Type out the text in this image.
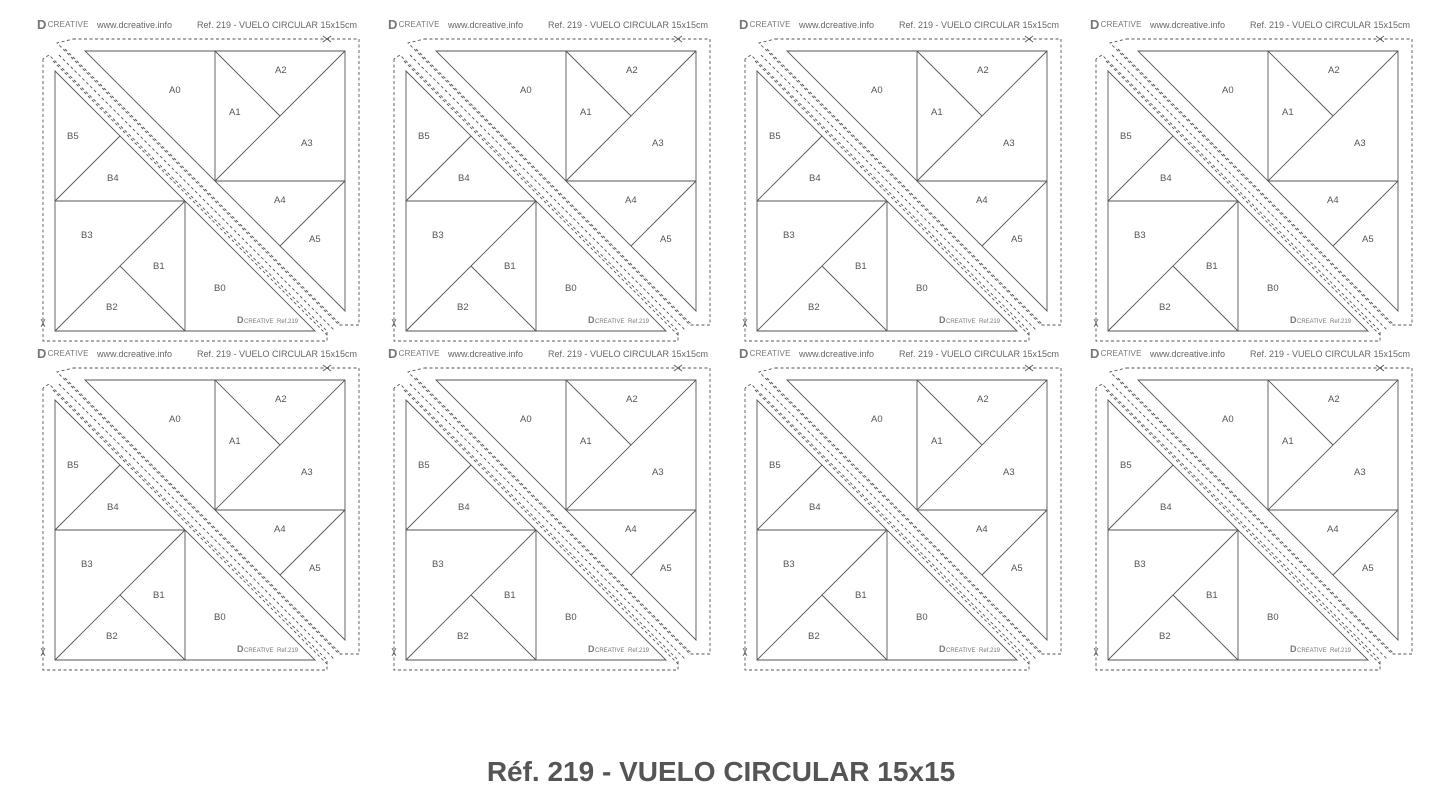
D CREATIVE www.dcreative.info	Ref. 219 - VUELO CIRCULAR 15x15cm
A0
A1
A2
A3
A4
A5
B5
B4
B3
B1
B2
B0
D CREATIVE Ref.219
D CREATIVE www.dcreative.info	Ref. 219 - VUELO CIRCULAR 15x15cm
A0
A1
A2
A3
A4
A5
B5
B4
B3
B1
B2
B0
D CREATIVE Ref.219
D CREATIVE www.dcreative.info	Ref. 219 - VUELO CIRCULAR 15x15cm
A0
A1
A2
A3
A4
A5
B5
B4
B3
B1
B2
B0
D CREATIVE Ref.219
D CREATIVE www.dcreative.info	Ref. 219 - VUELO CIRCULAR 15x15cm
A0
A1
A2
A3
A4
A5
B5
B4
B3
B1
B2
B0
D CREATIVE Ref.219
D CREATIVE www.dcreative.info	Ref. 219 - VUELO CIRCULAR 15x15cm
A0
A1
A2
A3
A4
A5
B5
B4
B3
B1
B2
B0
D CREATIVE Ref.219
D CREATIVE www.dcreative.info	Ref. 219 - VUELO CIRCULAR 15x15cm
A0
A1
A2
A3
A4
A5
B5
B4
B3
B1
B2
B0
D CREATIVE Ref.219
D CREATIVE www.dcreative.info	Ref. 219 - VUELO CIRCULAR 15x15cm
A0
A1
A2
A3
A4
A5
B5
B4
B3
B1
B2
B0
D CREATIVE Ref.219
D CREATIVE www.dcreative.info	Ref. 219 - VUELO CIRCULAR 15x15cm
A0
A1
A2
A3
A4
A5
B5
B4
B3
B1
B2
B0
D CREATIVE Ref.219
Réf. 219 - VUELO CIRCULAR 15x15
